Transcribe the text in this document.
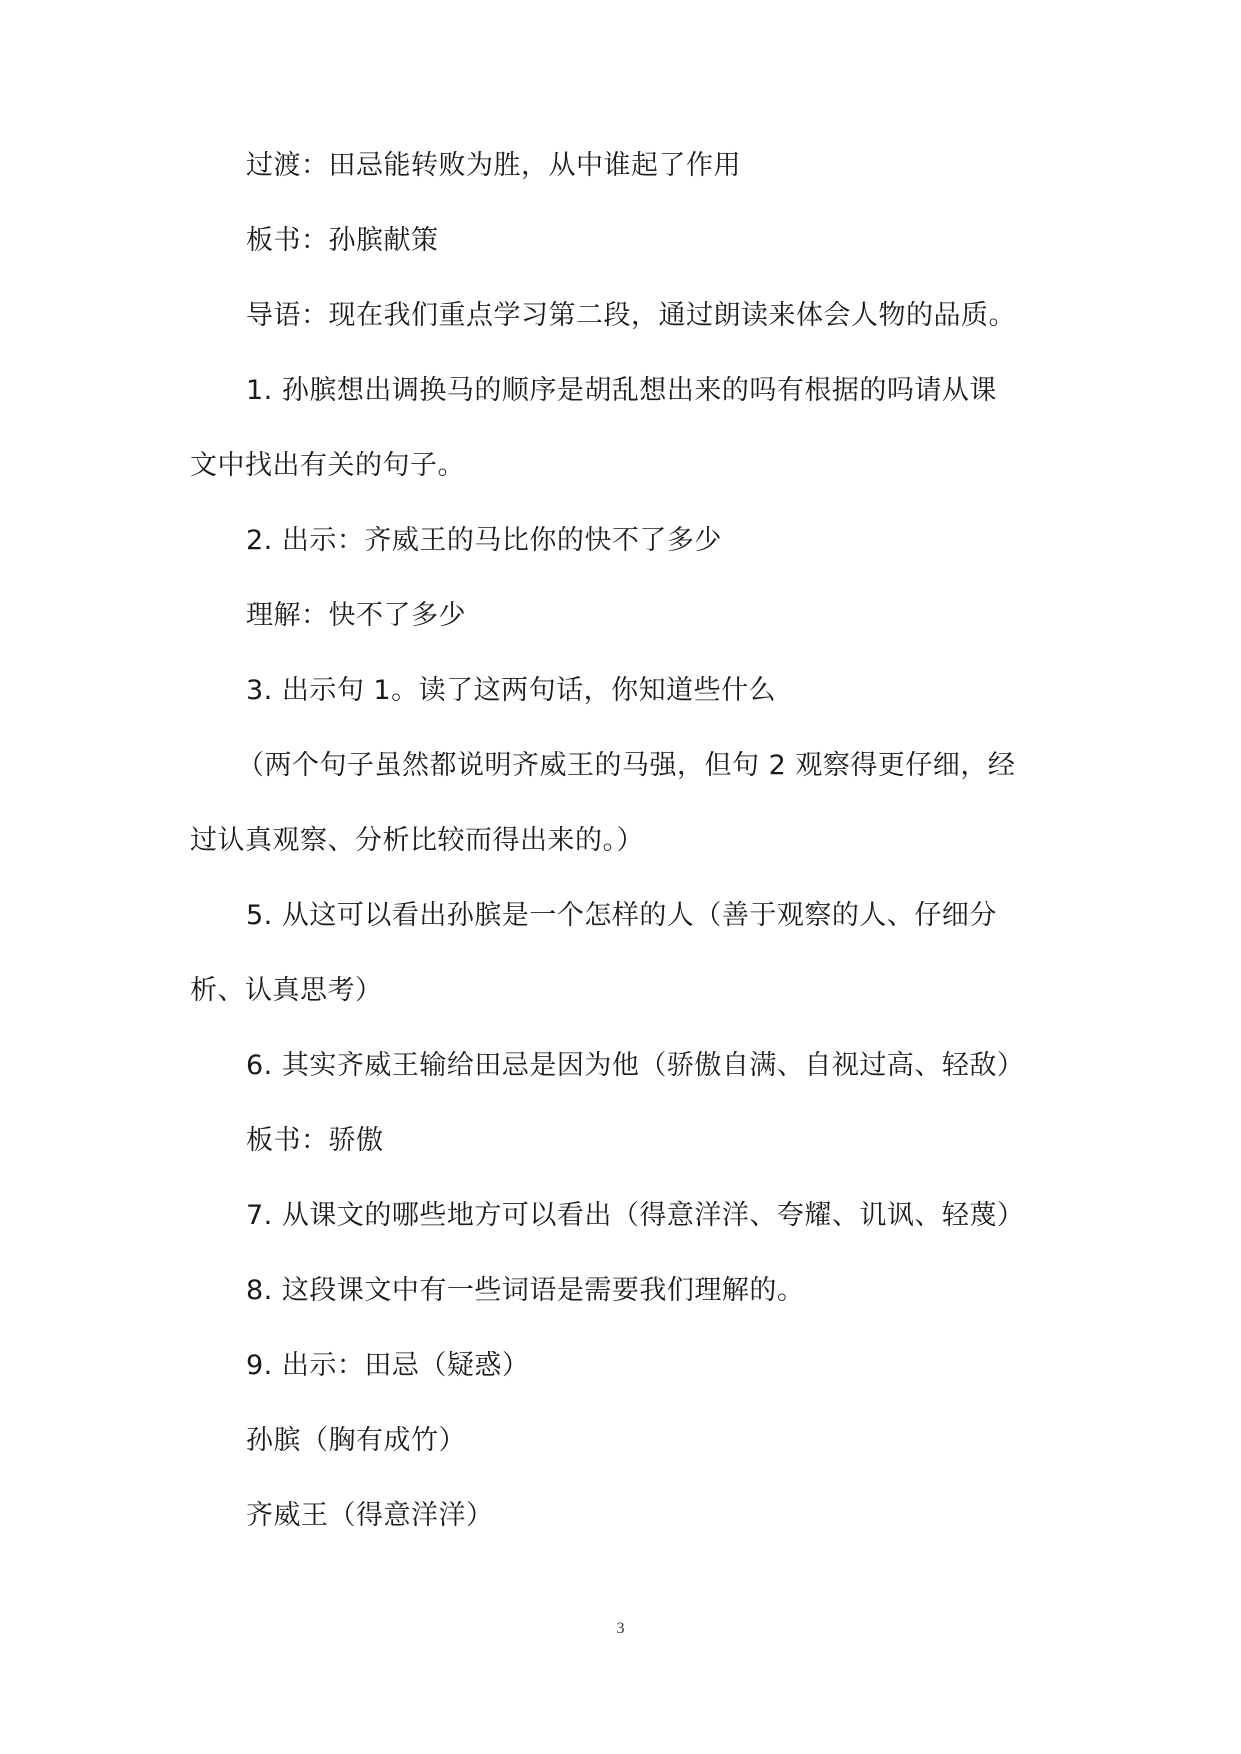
过渡：田忌能转败为胜，从中谁起了作用
板书：孙膑献策
导语：现在我们重点学习第二段，通过朗读来体会人物的品质。
1. 孙膑想出调换马的顺序是胡乱想出来的吗有根据的吗请从课
文中找出有关的句子。
2. 出示：齐威王的马比你的快不了多少
理解：快不了多少
3. 出示句 1。读了这两句话，你知道些什么
（两个句子虽然都说明齐威王的马强，但句 2 观察得更仔细，经
过认真观察、分析比较而得出来的。）
5. 从这可以看出孙膑是一个怎样的人（善于观察的人、仔细分
析、认真思考）
6. 其实齐威王输给田忌是因为他（骄傲自满、自视过高、轻敌）
板书：骄傲
7. 从课文的哪些地方可以看出（得意洋洋、夸耀、讥讽、轻蔑）
8. 这段课文中有一些词语是需要我们理解的。
9. 出示：田忌（疑惑）
孙膑（胸有成竹）
齐威王（得意洋洋）
3
